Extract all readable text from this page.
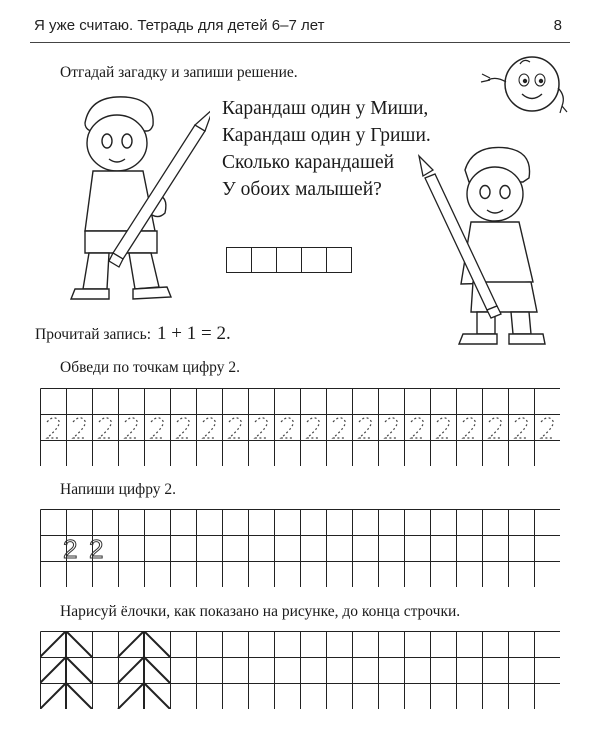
Я уже считаю. Тетрадь для детей 6–7 лет	8
Отгадай загадку и запиши решение.
Карандаш один у Миши,
Карандаш один у Гриши.
Сколько карандашей
У обоих малышей?
Прочитай запись: 1 + 1 = 2.
Обведи по точкам цифру 2.
Напиши цифру 2.
2 2
Нарисуй ёлочки, как показано на рисунке, до конца строчки.
